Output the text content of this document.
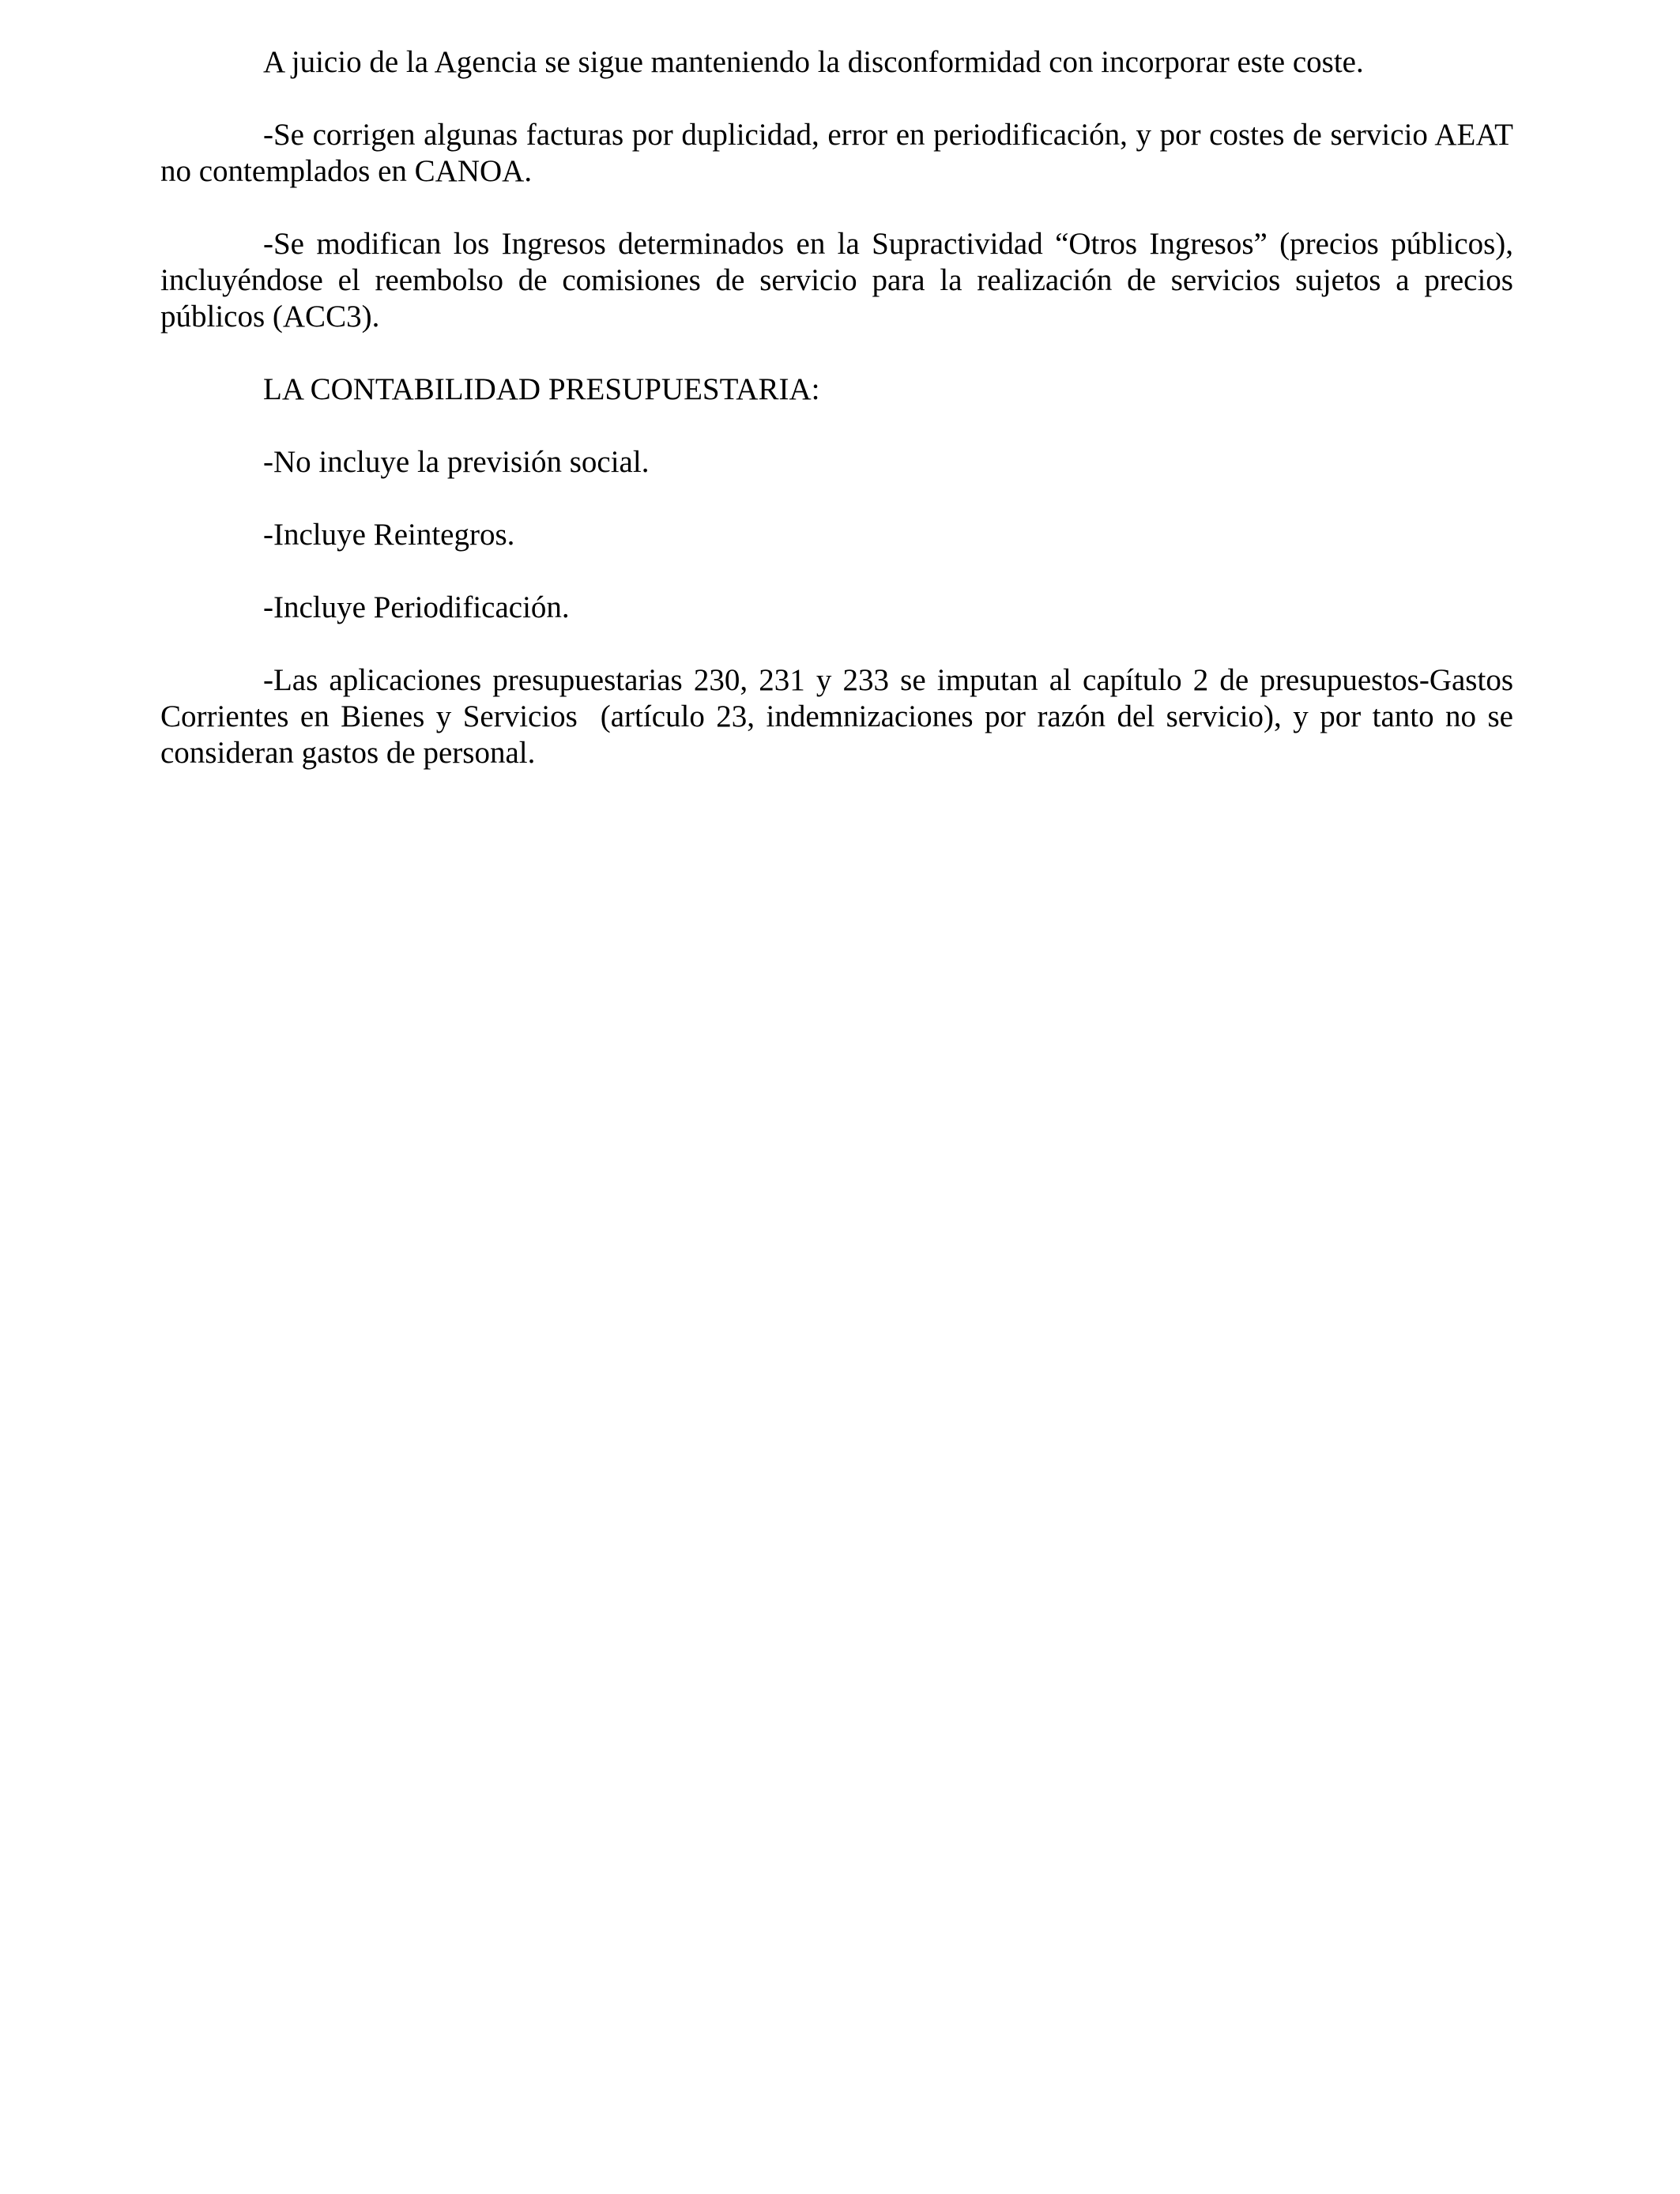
A juicio de la Agencia se sigue manteniendo la disconformidad con incorporar este coste.

-Se corrigen algunas facturas por duplicidad, error en periodificación, y por costes de servicio AEAT no contemplados en CANOA.

-Se modifican los Ingresos determinados en la Supractividad “Otros Ingresos” (precios públicos), incluyéndose el reembolso de comisiones de servicio para la realización de servicios sujetos a precios públicos (ACC3).

LA CONTABILIDAD PRESUPUESTARIA:

-No incluye la previsión social.

-Incluye Reintegros.

-Incluye Periodificación.

-Las aplicaciones presupuestarias 230, 231 y 233 se imputan al capítulo 2 de presupuestos-Gastos Corrientes en Bienes y Servicios  (artículo 23, indemnizaciones por razón del servicio), y por tanto no se consideran gastos de personal.
